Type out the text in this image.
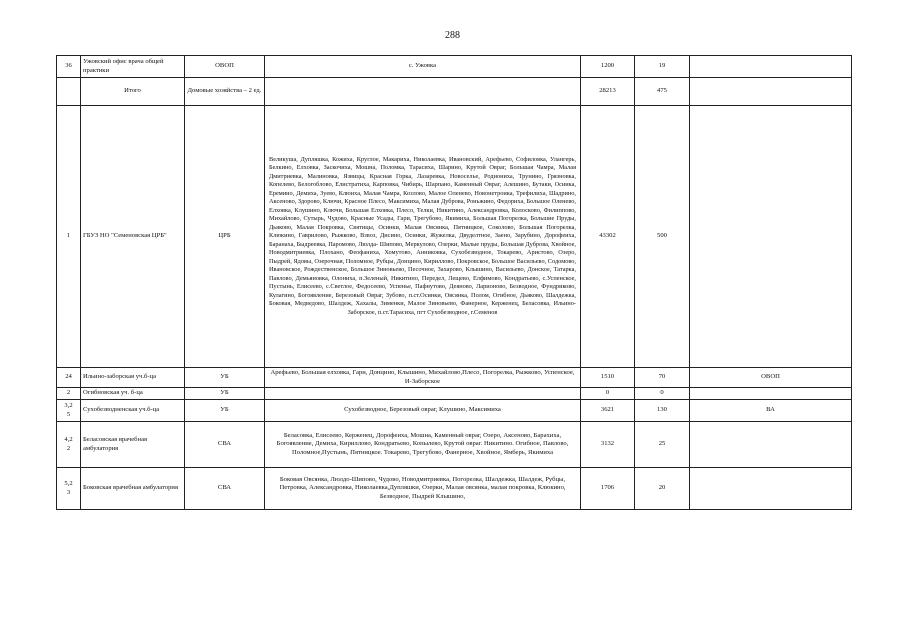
288
36	Ужовский офис врача общей практики	ОВОП	с. Ужовка	1200	19	
	Итого	Домовые хозяйства – 2 ед.		28213	475	
1	ГБУЗ НО "Семеновская ЦРБ"	ЦРБ	Великуша, Дупляшка, Кожиха, Круглое, Макариха, Николаевка, Ивановский, Арефьево, Софиловка, Улангерь, Белкино, Елховка, Заскочиха, Мошна, Поломка, Тарасиха, Шарино, Крутой Овраг, Большая Чамра, Малая Дмитриевка, Малиновка, Язвицы, Красная Горка, Лазаревка, Новоселье, Родиониха, Трунино, Грязновка, Копелево, Белогоблово, Елистратиха, Карповка, Чибирь, Шарпано, Каменный Овраг, Алешино, Бутаки, Осиика, Еремино, Демиха, Зуево, Клюиха, Малая Чамра, Козлово, Малое Оленево, Новонетроика, Трефилиха, Шадрино, Аксеново, Здорово, Ключи, Красное Плесо, Максимиха, Малая Дуброва, Роньжино, Федориха, Большое Оленево, Елховка, Клушино, Ключи, Большая Елховка, Плесо, Телки, Никитино, Александровка, Колосково, Филиппово, Михайлово, Сутырь, Чудово, Красные Усады, Гари, Трегубово, Якимиха, Большая Погорелка, Большие Пруды, Дьяково, Малая Покровка, Святицы, Осинки, Малая Овсянка, Пятницкое, Соколово, Большая Погорелка, Клюкино, Гаврилово, Рыжково, Взвоз, Дисино, Осинки, Жужелка, Двуделтное, Заено, Зарубино, Дорофеиха, Баранаха, Быдреевка, Паромово, Люлда- Шипово, Меркулово, Озерки, Малые пруды, Большая Дуброва, Хвойное, Новодмитриевка, Плохано, Феофаниха, Хомутово, Анниковка, Сухобезводное, Токарево, Аристово, Озеро, Пыдрей, Ядовы, Озерочная, Поломное, Рубцы, Донцино, Кириллово, Покровское, Большое Васильево, Содомово, Ивановское, Рождественское, Большое Зиновьево, Песочное, Захарово, Клышино, Васильево, Донское, Татарка, Павлово, Демьяновка, Олониха, п.Зеленый, Никитино, Передел, Лещево, Елфимово, Кондратьево, с.Успенское, Пустынь, Елисеево, с.Светлое, Федосеево, Успенье, Пафнутово, Деяново, Ларионово, Безводное, Фундриково, Кулагино, Богоявление, Березовый Овраг, Зубово, п.ст.Осинки, Овсянка, Полом, Огибное, Дьяково, Шалдежка, Боковая, Медведово, Шалдеж, Хахалы, Зименки, Малое Зиновьево, Фанерное, Керженец, Беласовка, Ильино- Заборское, п.ст.Тарасиха, пгт Сухобезводное, г.Семенов	43302	500	
24	Ильино-заборская уч.б-ца	УБ	Арефьево, Большая елховка, Гари, Донцино, Клышино, Михайлово,Плесо, Погорелка, Рыжково, Успенское, И-Заборское	1510	70	ОВОП
2	Огибновская уч. б-ца	УБ		0	0	
3,2
5	Сухобезводненская уч.б-ца	УБ	Сухобезводное, Березовый овраг, Клушино, Максимиха	3621	130	ВА
4,2
2	Беласовская врачебная амбулатория	СВА	Беласовка, Елисеево, Керженец, Дорофеиха, Мошна, Каменный овраг, Озеро, Аксеново, Барахиха, Богоявление, Демиха, Кириллово, Кондратьево, Копылево, Крутой овраг. Никитино. Огибное, Павлово, Поломное,Пустынь, Пятницкое. Токарево, Трегубово, Фанерное, Хвойное, Ямберь, Якимиха	3132	25	
5,2
3	Боковская врачебная амбулатория	СВА	Боковая Овсянка, Люлдо-Шипово, Чудово, Новодмитриевка, Погорелка, Шалдежка, Шалдеж, Рубцы, Петровка, Александровка, Николаевка,Дупляшки, Озерки, Малая овсянка, малая покровка, Клюкино, Безводное, Пыдрей Клышино,	1706	20	
